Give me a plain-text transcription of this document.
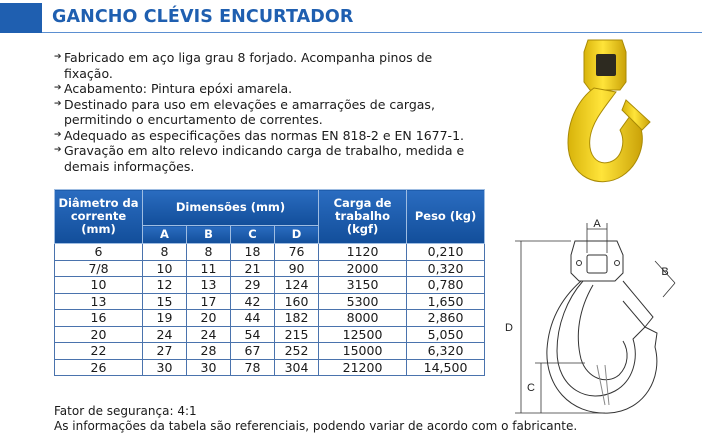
GANCHO CLÉVIS ENCURTADOR
➔ Fabricado em aço liga grau 8 forjado. Acompanha pinos de fixação.
➔ Acabamento: Pintura epóxi amarela.
➔ Destinado para uso em elevações e amarrações de cargas, permitindo o encurtamento de correntes.
➔ Adequado as especificações das normas EN 818-2 e EN 1677-1.
➔ Gravação em alto relevo indicando carga de trabalho, medida e demais informações.
A
B
C
D
Diâmetro da corrente (mm)	Dimensões (mm)				Carga de trabalho (kgf)	Peso (kg)
	A	B	C	D		
6	8	8	18	76	1120	0,210
7/8	10	11	21	90	2000	0,320
10	12	13	29	124	3150	0,780
13	15	17	42	160	5300	1,650
16	19	20	44	182	8000	2,860
20	24	24	54	215	12500	5,050
22	27	28	67	252	15000	6,320
26	30	30	78	304	21200	14,500
Fator de segurança: 4:1
As informações da tabela são referenciais, podendo variar de acordo com o fabricante.
